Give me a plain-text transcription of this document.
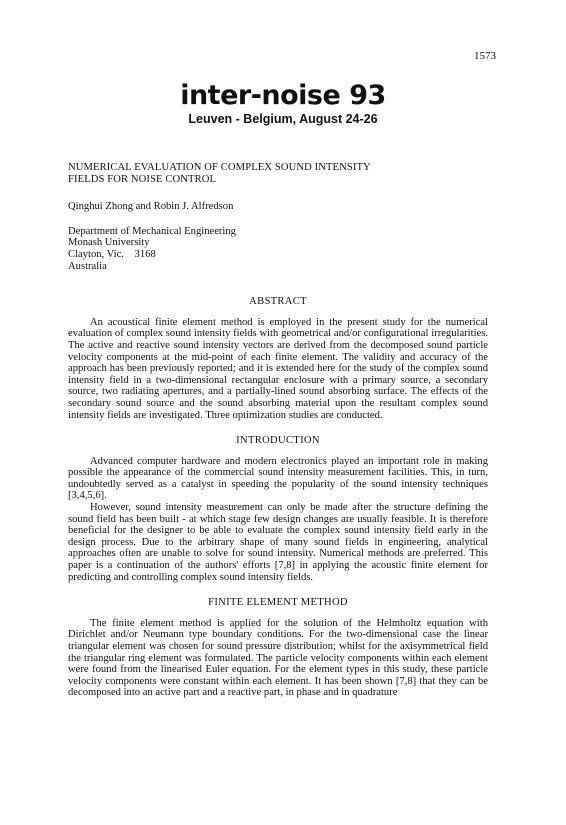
1573
inter-noise 93
Leuven - Belgium, August 24-26
NUMERICAL EVALUATION OF COMPLEX SOUND INTENSITY
FIELDS FOR NOISE CONTROL
Qinghui Zhong and Robin J. Alfredson
Department of Mechanical Engineering
Monash University
Clayton, Vic.    3168
Australia
ABSTRACT

An acoustical finite element method is employed in the present study for the numerical evaluation of complex sound intensity fields with geometrical and/or configurational irregularities. The active and reactive sound intensity vectors are derived from the decomposed sound particle velocity components at the mid-point of each finite element. The validity and accuracy of the approach has been previously reported; and it is extended here for the study of the complex sound intensity field in a two-dimensional rectangular enclosure with a primary source, a secondary source, two radiating apertures, and a partially-lined sound absorbing surface. The effects of the secondary sound source and the sound absorbing material upon the resultant complex sound intensity fields are investigated. Three optimization studies are conducted.

INTRODUCTION

Advanced computer hardware and modern electronics played an important role in making possible the appearance of the commercial sound intensity measurement facilities. This, in turn, undoubtedly served as a catalyst in speeding the popularity of the sound intensity techniques [3,4,5,6].

However, sound intensity measurement can only be made after the structure defining the sound field has been built - at which stage few design changes are usually feasible. It is therefore beneficial for the designer to be able to evaluate the complex sound intensity field early in the design process. Due to the arbitrary shape of many sound fields in engineering, analytical approaches often are unable to solve for sound intensity. Numerical methods are preferred. This paper is a continuation of the authors' efforts [7,8] in applying the acoustic finite element for predicting and controlling complex sound intensity fields.

FINITE ELEMENT METHOD

The finite element method is applied for the solution of the Helmholtz equation with Dirichlet and/or Neumann type boundary conditions. For the two-dimensional case the linear triangular element was chosen for sound pressure distribution; whilst for the axisymmetrical field the triangular ring element was formulated. The particle velocity components within each element were found from the linearised Euler equation. For the element types in this study, these particle velocity components were constant within each element. It has been shown [7,8] that they can be decomposed into an active part and a reactive part, in phase and in quadrature
